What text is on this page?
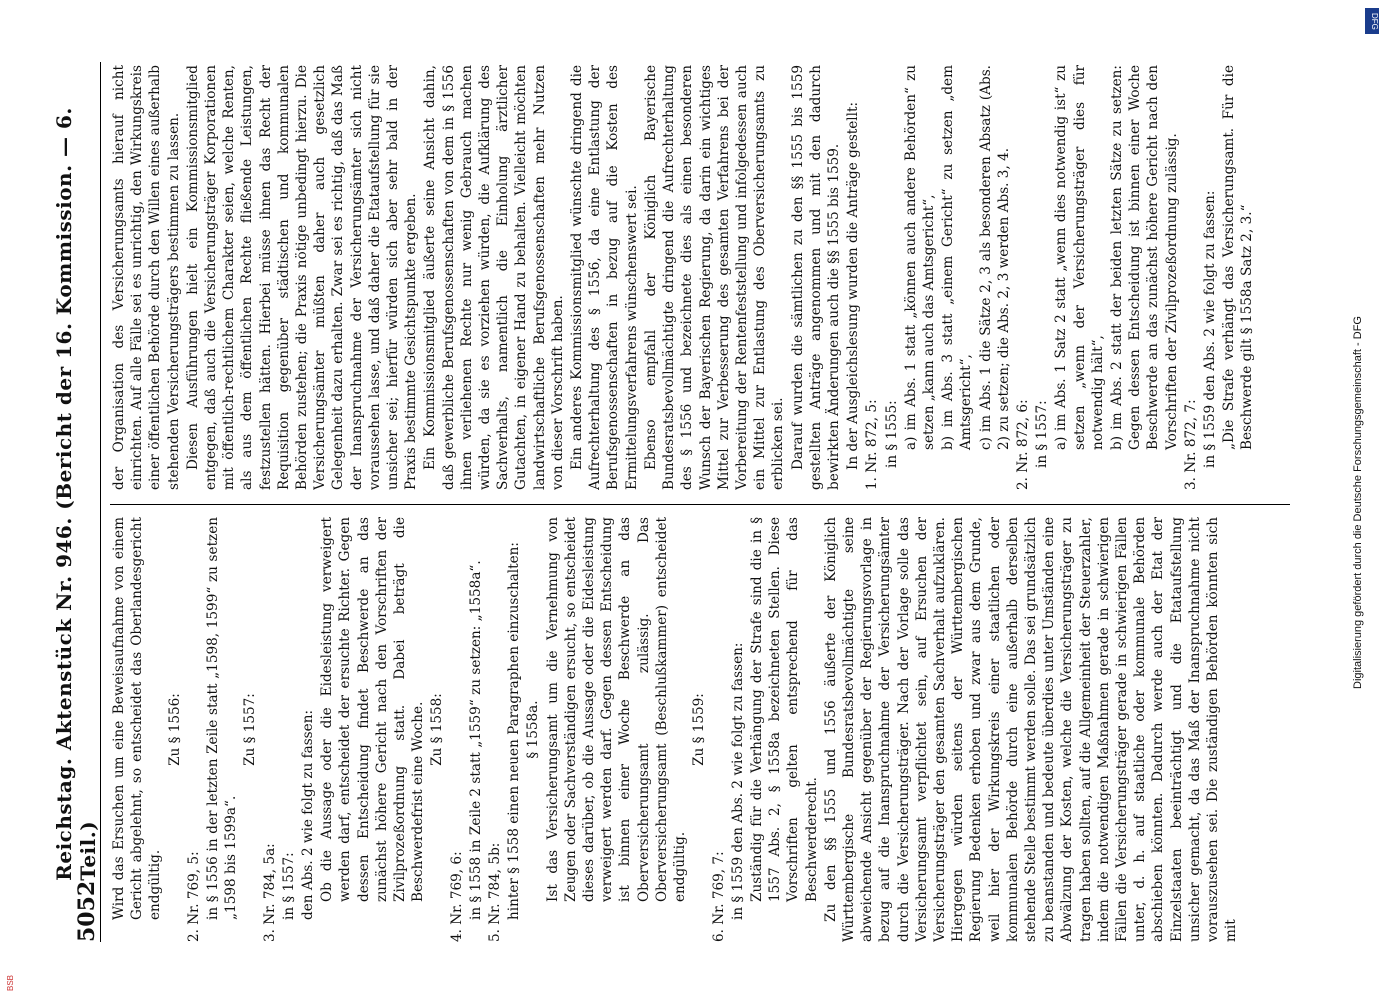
5052
Reichstag. Aktenstück Nr. 946. (Bericht der 16. Kommission. — 6. Teil.) Wird das Ersuchen um eine Beweisaufnahme von einem Gericht abgelehnt, so entscheidet das Oberlandesgericht endgültig.

Zu § 1556:

2. Nr. 769, 5: in § 1556 in der letzten Zeile statt „1598, 1599“ zu setzen „1598 bis 1599a“.

Zu § 1557:

3. Nr. 784, 5a: in § 1557: den Abs. 2 wie folgt zu fassen: Ob die Aussage oder die Eidesleistung verweigert werden darf, entscheidet der ersuchte Richter. Gegen dessen Entscheidung findet Beschwerde an das zunächst höhere Gericht nach den Vorschriften der Zivilprozeßordnung statt. Dabei beträgt die Beschwerdefrist eine Woche. Zu § 1558:

4. Nr. 769, 6: in § 1558 in Zeile 2 statt „1559“ zu setzen: „1558a“. 5. Nr. 784, 5b: hinter § 1558 einen neuen Paragraphen einzuschalten: § 1558a. Ist das Versicherungsamt um die Vernehmung von Zeugen oder Sachverständigen ersucht, so entscheidet dieses darüber, ob die Aussage oder die Eidesleistung verweigert werden darf. Gegen dessen Entscheidung ist binnen einer Woche Beschwerde an das Oberversicherungsamt zulässig. Das Oberversicherungsamt (Beschlußkammer) entscheidet endgültig.

Zu § 1559:

6. Nr. 769, 7: in § 1559 den Abs. 2 wie folgt zu fassen: Zuständig für die Verhängung der Strafe sind die in § 1557 Abs. 2, § 1558a bezeichneten Stellen. Diese Vorschriften gelten entsprechend für das Beschwerderecht. Zu den §§ 1555 und 1556 äußerte der Königlich Württembergische Bundesratsbevollmächtigte seine abweichende Ansicht gegenüber der Regierungsvorlage in bezug auf die Inanspruchnahme der Versicherungsämter durch die Versicherungsträger. Nach der Vorlage solle das Versicherungsamt verpflichtet sein, auf Ersuchen der Versicherungsträger den gesamten Sachverhalt aufzuklären. Hiergegen würden seitens der Württembergischen Regierung Bedenken erhoben und zwar aus dem Grunde, weil hier der Wirkungskreis einer staatlichen oder kommunalen Behörde durch eine außerhalb derselben stehende Stelle bestimmt werden solle. Das sei grundsätzlich zu beanstanden und bedeute überdies unter Umständen eine Abwälzung der Kosten, welche die Versicherungsträger zu tragen haben sollten, auf die Allgemeinheit der Steuerzahler, indem die notwendigen Maßnahmen gerade in schwierigen Fällen die Versicherungsträger gerade in schwierigen Fällen unter, d. h. auf staatliche oder kommunale Behörden abschieben könnten. Dadurch werde auch der Etat der Einzelstaaten beeinträchtigt und die Etataufstellung unsicher gemacht, da das Maß der Inanspruchnahme nicht vorauszusehen sei. Die zuständigen Behörden könnten sich mit

der Organisation des Versicherungsamts hierauf nicht einrichten. Auf alle Fälle sei es unrichtig, den Wirkungskreis einer öffentlichen Behörde durch den Willen eines außerhalb stehenden Versicherungsträgers bestimmen zu lassen. Diesen Ausführungen hielt ein Kommissionsmitglied entgegen, daß auch die Versicherungsträger Korporationen mit öffentlich-rechtlichem Charakter seien, welche Renten, als aus dem öffentlichen Rechte fließende Leistungen, festzustellen hätten. Hierbei müsse ihnen das Recht der Requisition gegenüber städtischen und kommunalen Behörden zustehen; die Praxis nötige unbedingt hierzu. Die Versicherungsämter müßten daher auch gesetzlich Gelegenheit dazu erhalten. Zwar sei es richtig, daß das Maß der Inanspruchnahme der Versicherungsämter sich nicht voraussehen lasse, und daß daher die Etataufstellung für sie unsicher sei; hierfür würden sich aber sehr bald in der Praxis bestimmte Gesichtspunkte ergeben. Ein Kommissionsmitglied äußerte seine Ansicht dahin, daß gewerbliche Berufsgenossenschaften von dem in § 1556 ihnen verliehenen Rechte nur wenig Gebrauch machen würden, da sie es vorziehen würden, die Aufklärung des Sachverhalts, namentlich die Einholung ärztlicher Gutachten, in eigener Hand zu behalten. Vielleicht möchten landwirtschaftliche Berufsgenossenschaften mehr Nutzen von dieser Vorschrift haben. Ein anderes Kommissionsmitglied wünschte dringend die Aufrechterhaltung des § 1556, da eine Entlastung der Berufsgenossenschaften in bezug auf die Kosten des Ermittelungsverfahrens wünschenswert sei. Ebenso empfahl der Königlich Bayerische Bundesratsbevollmächtigte dringend die Aufrechterhaltung des § 1556 und bezeichnete dies als einen besonderen Wunsch der Bayerischen Regierung, da darin ein wichtiges Mittel zur Verbesserung des gesamten Verfahrens bei der Vorbereitung der Rentenfeststellung und infolgedessen auch ein Mittel zur Entlastung des Oberversicherungsamts zu erblicken sei. Darauf wurden die sämtlichen zu den §§ 1555 bis 1559 gestellten Anträge angenommen und mit den dadurch bewirkten Änderungen auch die §§ 1555 bis 1559. In der Ausgleichslesung wurden die Anträge gestellt: 1. Nr. 872, 5: in § 1555: a) im Abs. 1 statt „können auch andere Behörden“ zu setzen „kann auch das Amtsgericht“, b) im Abs. 3 statt „einem Gericht“ zu setzen „dem Amtsgericht“, c) im Abs. 1 die Sätze 2, 3 als besonderen Absatz (Abs. 2) zu setzen; die Abs. 2, 3 werden Abs. 3, 4. 2. Nr. 872, 6: in § 1557: a) im Abs. 1 Satz 2 statt „wenn dies notwendig ist“ zu setzen „wenn der Versicherungsträger dies für notwendig hält“, b) im Abs. 2 statt der beiden letzten Sätze zu setzen: Gegen dessen Entscheidung ist binnen einer Woche Beschwerde an das zunächst höhere Gericht nach den Vorschriften der Zivilprozeßordnung zulässig. 3. Nr. 872, 7: in § 1559 den Abs. 2 wie folgt zu fassen: „Die Strafe verhängt das Versicherungsamt. Für die Beschwerde gilt § 1558a Satz 2, 3.“	Digitalisierung gefördert durch die Deutsche Forschungsgemeinschaft - DFG
DFG
BSB
